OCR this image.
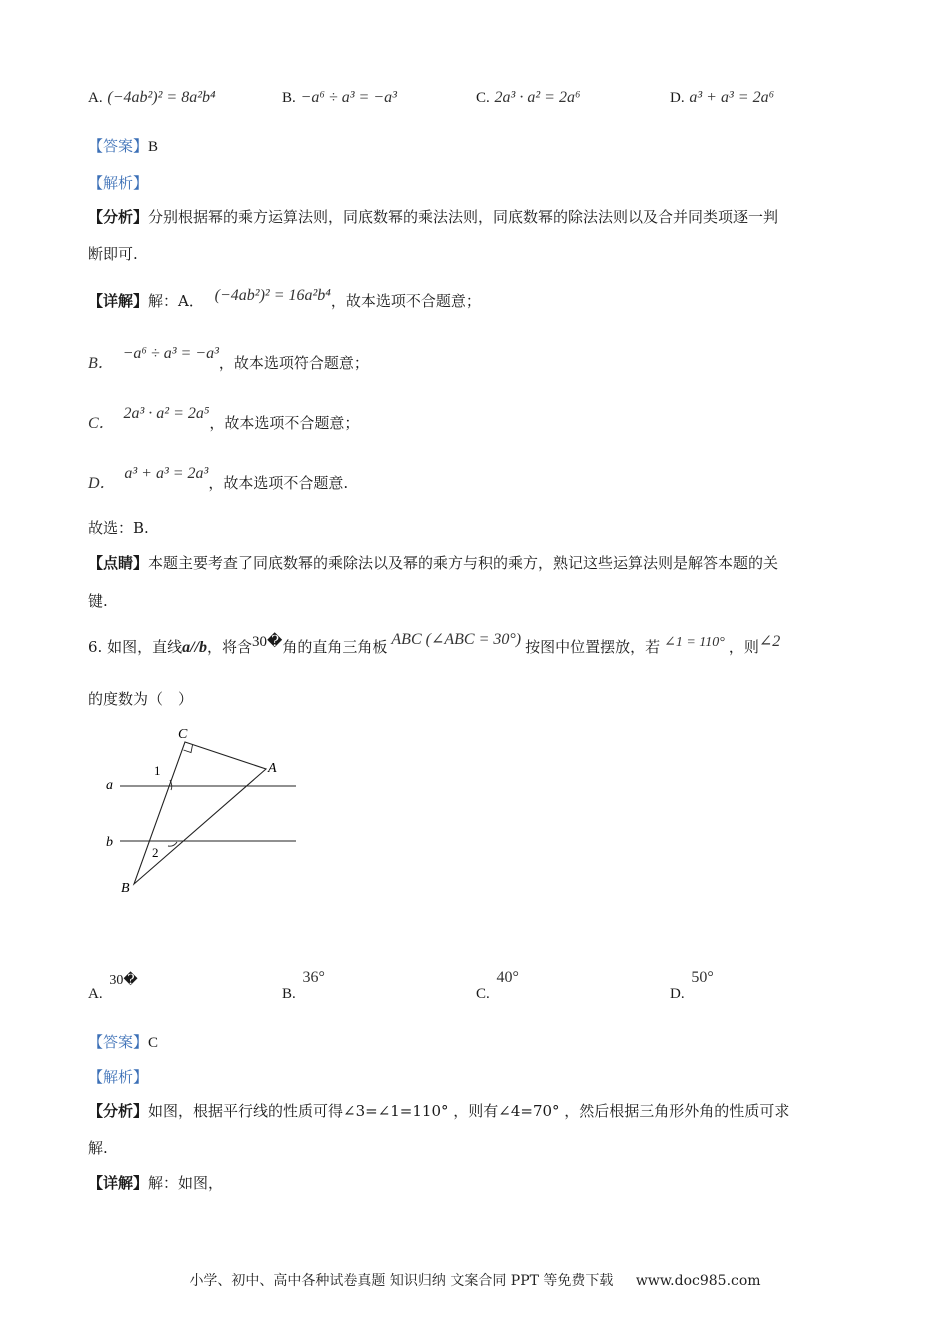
A. (−4ab²)² = 8a²b⁴	B. −a⁶ ÷ a³ = −a³	C. 2a³ · a² = 2a⁶	D. a³ + a³ = 2a⁶
【答案】B
【解析】
【分析】分别根据幂的乘方运算法则，同底数幂的乘法法则，同底数幂的除法法则以及合并同类项逐一判
断即可.
【详解】解：A． (−4ab²)² = 16a²b⁴，故本选项不合题意；
B． −a⁶ ÷ a³ = −a³，故本选项符合题意；
C． 2a³ · a² = 2a⁵，故本选项不合题意；
D． a³ + a³ = 2a³，故本选项不合题意.
故选：B.
【点睛】本题主要考查了同底数幂的乘除法以及幂的乘方与积的乘方，熟记这些运算法则是解答本题的关
键.
6. 如图，直线a//b，将含30�角的直角三角板 ABC (∠ABC = 30°) 按图中位置摆放，若 ∠1 = 110° ，则∠2
的度数为（　）
C
A
B
a
b
1
2
A. 30�
B. 36°
C. 40°
D. 50°
【答案】C
【解析】
【分析】如图，根据平行线的性质可得∠3=∠1=110° ，则有∠4=70° ，然后根据三角形外角的性质可求
解.
【详解】解：如图，
小学、初中、高中各种试卷真题 知识归纳 文案合同 PPT 等免费下载 www.doc985.com
